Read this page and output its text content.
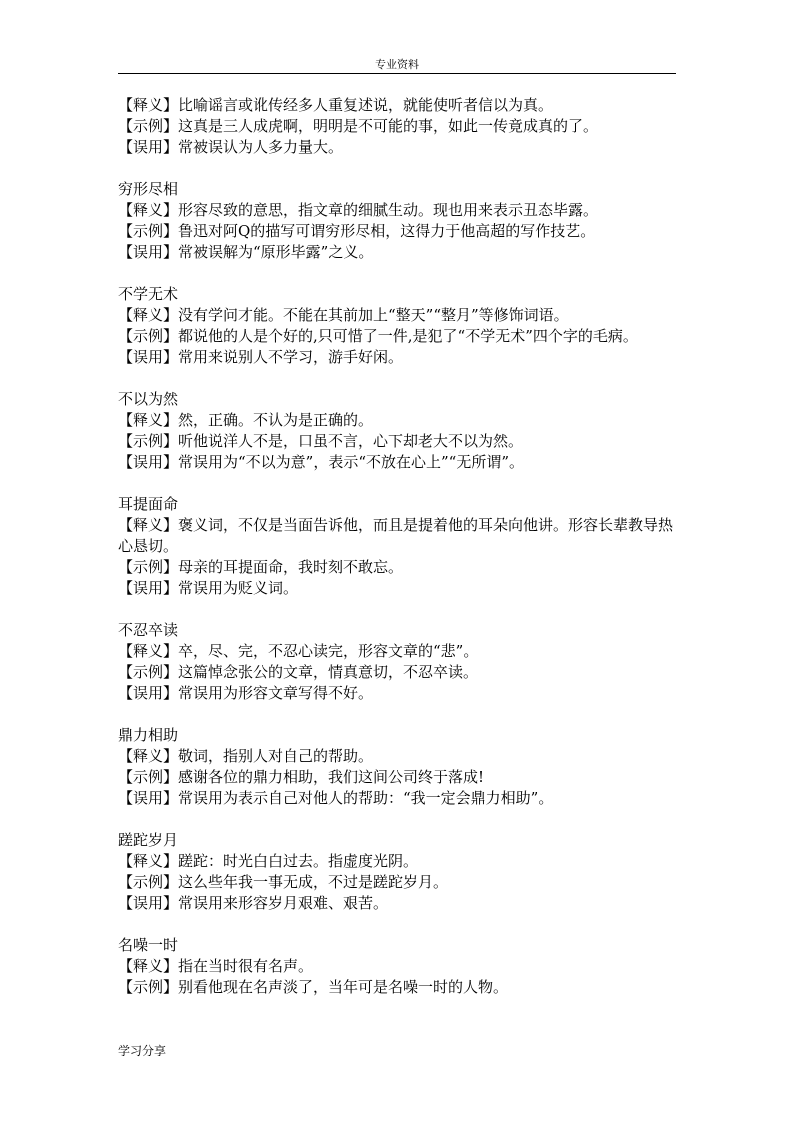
专业资料
【释义】比喻谣言或讹传经多人重复述说，就能使听者信以为真。
【示例】这真是三人成虎啊，明明是不可能的事，如此一传竟成真的了。
【误用】常被误认为人多力量大。
穷形尽相
【释义】形容尽致的意思，指文章的细腻生动。现也用来表示丑态毕露。
【示例】鲁迅对阿Q的描写可谓穷形尽相，这得力于他高超的写作技艺。
【误用】常被误解为“原形毕露”之义。
不学无术
【释义】没有学问才能。不能在其前加上“整天”“整月”等修饰词语。
【示例】都说他的人是个好的,只可惜了一件,是犯了“不学无术”四个字的毛病。
【误用】常用来说别人不学习，游手好闲。
不以为然
【释义】然，正确。不认为是正确的。
【示例】听他说洋人不是，口虽不言，心下却老大不以为然。
【误用】常误用为“不以为意”，表示“不放在心上”“无所谓”。
耳提面命
【释义】褒义词，不仅是当面告诉他，而且是提着他的耳朵向他讲。形容长辈教导热心恳切。
【示例】母亲的耳提面命，我时刻不敢忘。
【误用】常误用为贬义词。
不忍卒读
【释义】卒，尽、完，不忍心读完，形容文章的“悲”。
【示例】这篇悼念张公的文章，情真意切，不忍卒读。
【误用】常误用为形容文章写得不好。
鼎力相助
【释义】敬词，指别人对自己的帮助。
【示例】感谢各位的鼎力相助，我们这间公司终于落成!
【误用】常误用为表示自己对他人的帮助：“我一定会鼎力相助”。
蹉跎岁月
【释义】蹉跎：时光白白过去。指虚度光阴。
【示例】这么些年我一事无成，不过是蹉跎岁月。
【误用】常误用来形容岁月艰难、艰苦。
名噪一时
【释义】指在当时很有名声。
【示例】别看他现在名声淡了，当年可是名噪一时的人物。
学习分享
